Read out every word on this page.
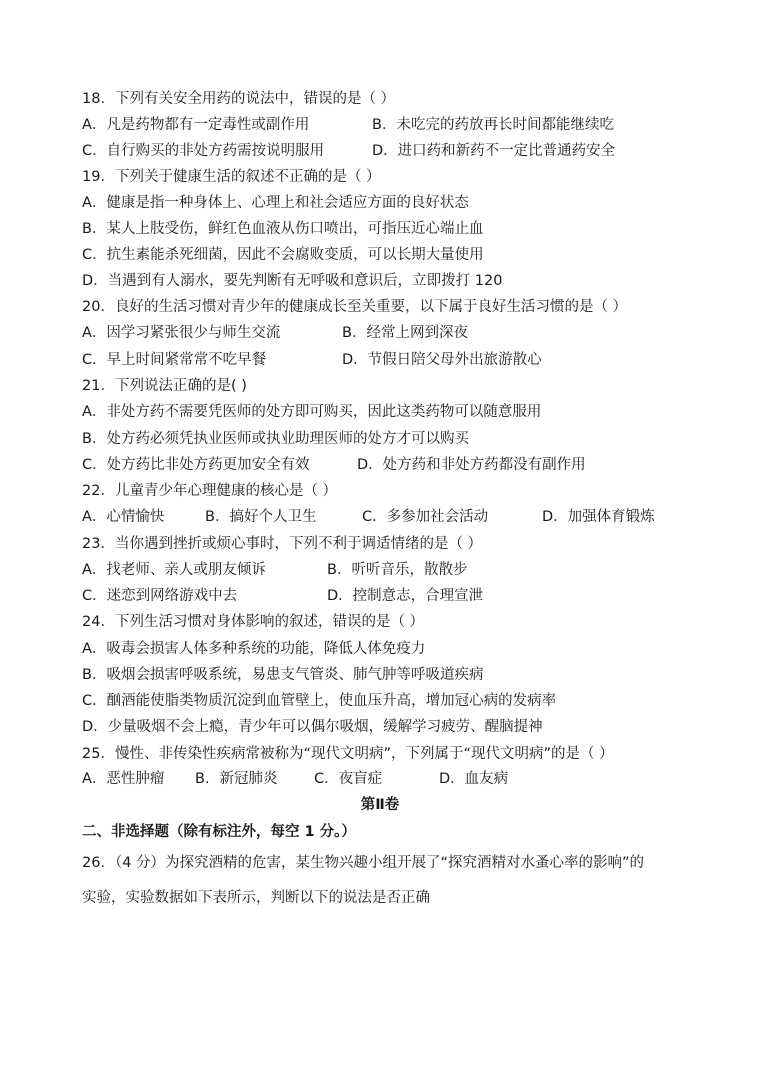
18．下列有关安全用药的说法中，错误的是（ ）
A．凡是药物都有一定毒性或副作用	B．未吃完的药放再长时间都能继续吃
C．自行购买的非处方药需按说明服用	D．进口药和新药不一定比普通药安全
19．下列关于健康生活的叙述不正确的是（ ）
A．健康是指一种身体上、心理上和社会适应方面的良好状态
B．某人上肢受伤，鲜红色血液从伤口喷出，可指压近心端止血
C．抗生素能杀死细菌，因此不会腐败变质，可以长期大量使用
D．当遇到有人溺水，要先判断有无呼吸和意识后，立即拨打 120
20．良好的生活习惯对青少年的健康成长至关重要，以下属于良好生活习惯的是（ ）
A．因学习紧张很少与师生交流	B．经常上网到深夜
C．早上时间紧常常不吃早餐	D．节假日陪父母外出旅游散心
21．下列说法正确的是( )
A．非处方药不需要凭医师的处方即可购买，因此这类药物可以随意服用
B．处方药必须凭执业医师或执业助理医师的处方才可以购买
C．处方药比非处方药更加安全有效	D．处方药和非处方药都没有副作用
22．儿童青少年心理健康的核心是（ ）
A．心情愉快	B．搞好个人卫生	C．多参加社会活动	D．加强体育锻炼
23．当你遇到挫折或烦心事时，下列不利于调适情绪的是（ ）
A．找老师、亲人或朋友倾诉	B．听听音乐，散散步
C．迷恋到网络游戏中去	D．控制意志，合理宣泄
24．下列生活习惯对身体影响的叙述，错误的是（ ）
A．吸毒会损害人体多种系统的功能，降低人体免疫力
B．吸烟会损害呼吸系统，易患支气管炎、肺气肿等呼吸道疾病
C．酗酒能使脂类物质沉淀到血管壁上，使血压升高，增加冠心病的发病率
D．少量吸烟不会上瘾，青少年可以偶尔吸烟，缓解学习疲劳、醒脑提神
25．慢性、非传染性疾病常被称为“现代文明病”，下列属于“现代文明病”的是（ ）
A．恶性肿瘤 B．新冠肺炎	C．夜盲症	D．血友病
第Ⅱ卷
二、非选择题（除有标注外，每空 1 分。）
26．（4 分）为探究酒精的危害，某生物兴趣小组开展了“探究酒精对水蚤心率的影响”的
实验，实验数据如下表所示，判断以下的说法是否正确
